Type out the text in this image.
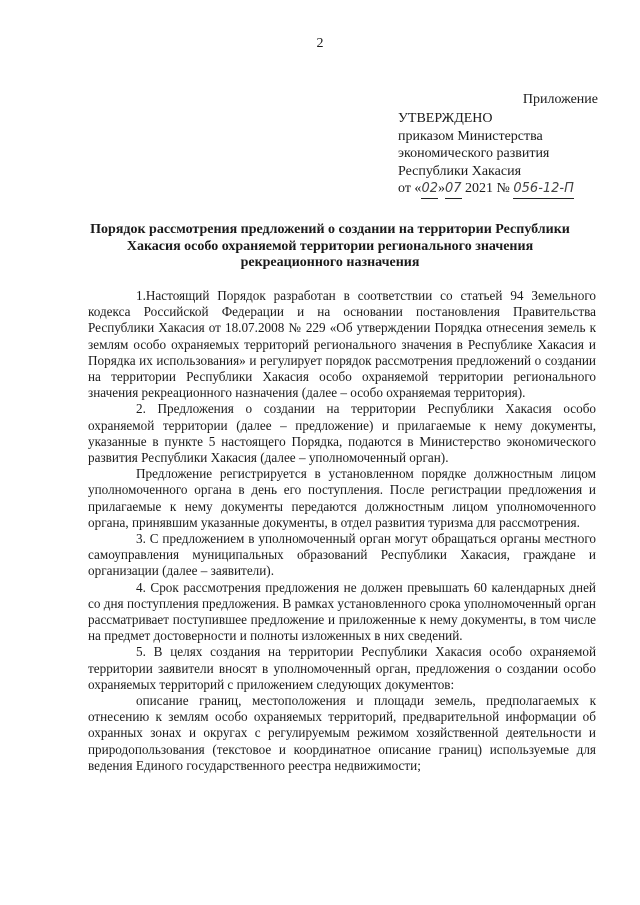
2
Приложение
УТВЕРЖДЕНО
приказом Министерства
экономического развития
Республики Хакасия
от «02»07 2021 № 056-12-П
Порядок рассмотрения предложений о создании на территории Республики Хакасия особо охраняемой территории регионального значения рекреационного назначения

1.Настоящий Порядок разработан в соответствии со статьей 94 Земельного кодекса Российской Федерации и на основании постановления Правительства Республики Хакасия от 18.07.2008 № 229 «Об утверждении Порядка отнесения земель к землям особо охраняемых территорий регионального значения в Республике Хакасия и Порядка их использования» и регулирует порядок рассмотрения предложений о создании на территории Республики Хакасия особо охраняемой территории регионального значения рекреационного назначения (далее – особо охраняемая территория).

2. Предложения о создании на территории Республики Хакасия особо охраняемой территории (далее – предложение) и прилагаемые к нему документы, указанные в пункте 5 настоящего Порядка, подаются в Министерство экономического развития Республики Хакасия (далее – уполномоченный орган).

Предложение регистрируется в установленном порядке должностным лицом уполномоченного органа в день его поступления. После регистрации предложения и прилагаемые к нему документы передаются должностным лицом уполномоченного органа, принявшим указанные документы, в отдел развития туризма для рассмотрения.

3. С предложением в уполномоченный орган могут обращаться органы местного самоуправления муниципальных образований Республики Хакасия, граждане и организации (далее – заявители).

4. Срок рассмотрения предложения не должен превышать 60 календарных дней со дня поступления предложения. В рамках установленного срока уполномоченный орган рассматривает поступившее предложение и приложенные к нему документы, в том числе на предмет достоверности и полноты изложенных в них сведений.

5. В целях создания на территории Республики Хакасия особо охраняемой территории заявители вносят в уполномоченный орган, предложения о создании особо охраняемых территорий с приложением следующих документов:

описание границ, местоположения и площади земель, предполагаемых к отнесению к землям особо охраняемых территорий, предварительной информации об охранных зонах и округах с регулируемым режимом хозяйственной деятельности и природопользования (текстовое и координатное описание границ) используемые для ведения Единого государственного реестра недвижимости;
